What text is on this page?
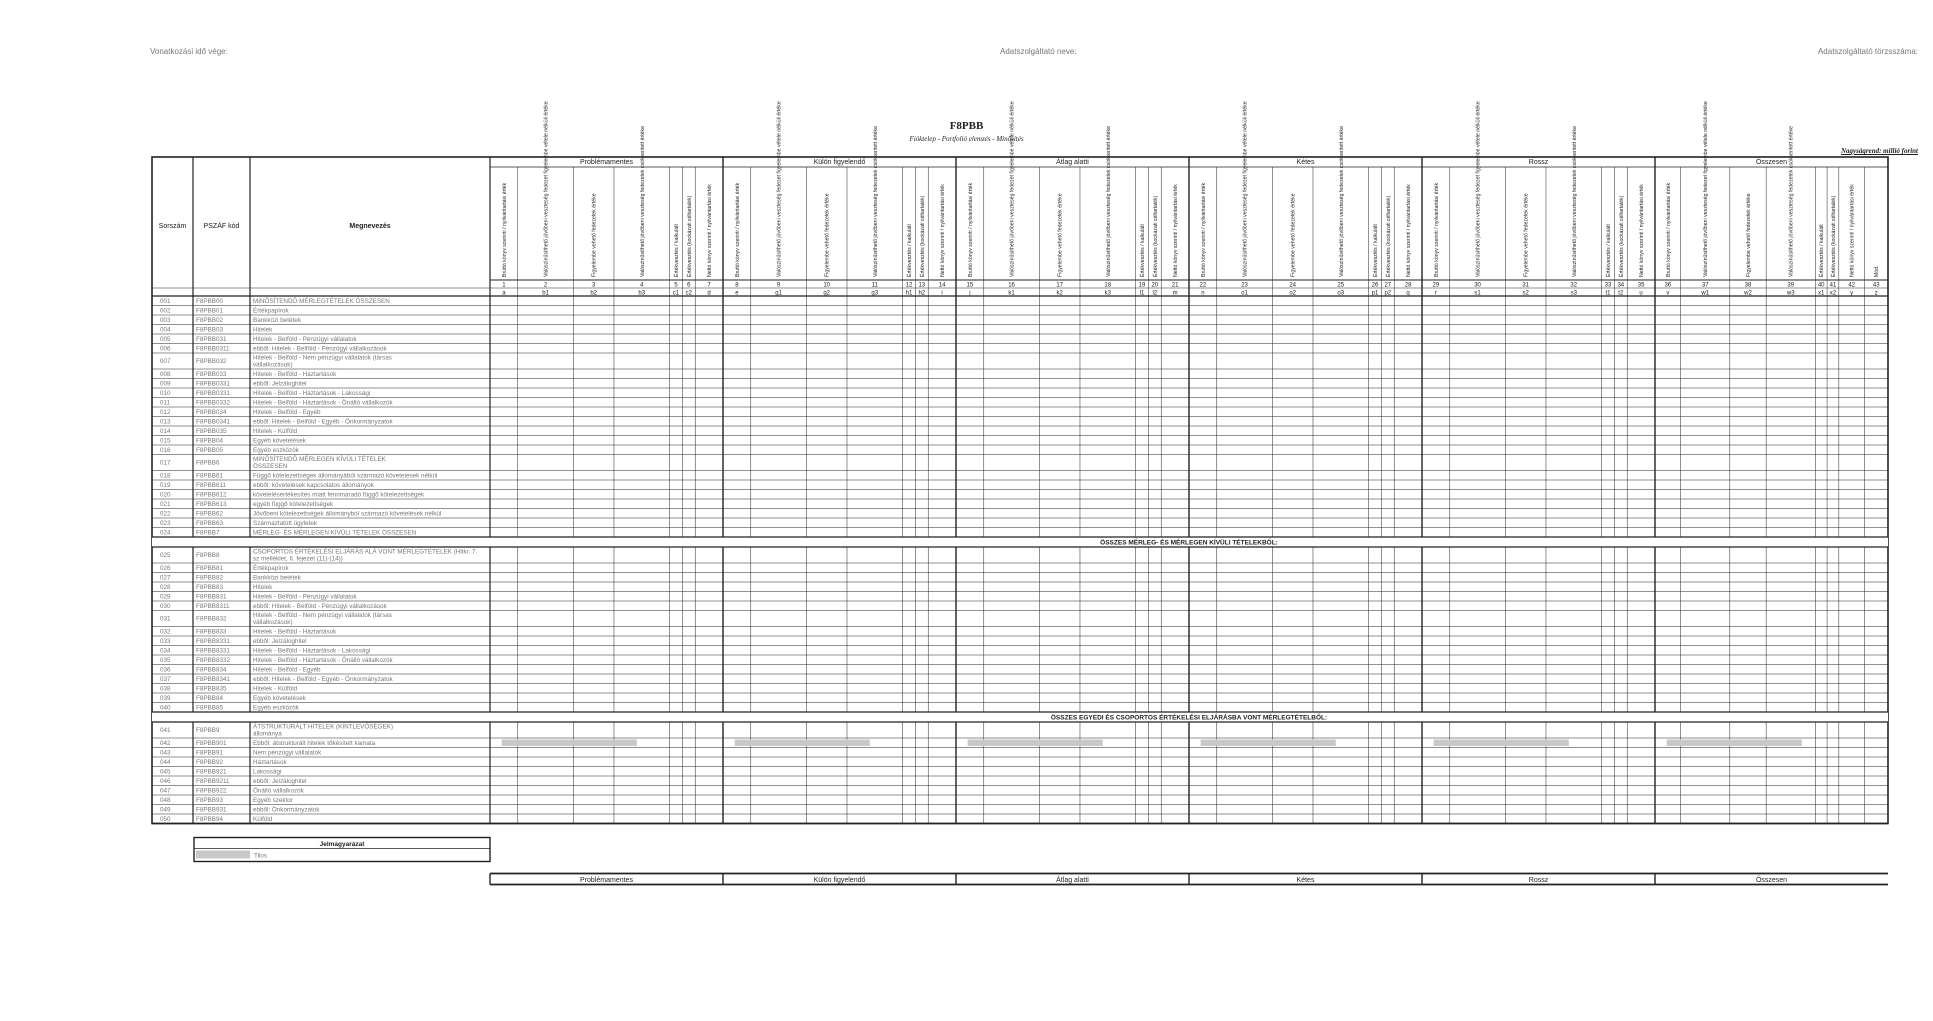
Vonatkozási idő vége:	Adatszolgáltató neve:	Adatszolgáltató törzsszáma:
F8PBB
Fióktelep - Portfolió elemzés - Minősítés
Nagyságrend: millió forint
Sorszám PSZÁF kód	Megnevezés
Problémamentes	Külön figyelendő	Átlag alatti	Kétes	Rossz	Összesen
Bruttó könyv szerinti / nyilvántartási érték
1
a
Valószínűsíthető jövőbeni veszteség fedezet figyelembe vétele nélküli értéke
2
b1
Figyelembe vehető fedezetek értéke
3
b2
Valószínűsíthető jövőbeni veszteség fedezetek csökkentett értéke
4
b3
Értékvesztés / kalkulált
5
c1
Értékvesztés (kockázati céltartalék)
6
c2
Nettó könyv szerinti / nyilvántartási érték
7
d
Bruttó könyv szerinti / nyilvántartási érték
8
e
Valószínűsíthető jövőbeni veszteség fedezet figyelembe vétele nélküli értéke
9
g1
Figyelembe vehető fedezetek értéke
10
g2
Valószínűsíthető jövőbeni veszteség fedezetek csökkentett értéke
11
g3
Értékvesztés / kalkulált
12
h1
Értékvesztés (kockázati céltartalék)
13
h2
Nettó könyv szerinti / nyilvántartási érték
14
i
Bruttó könyv szerinti / nyilvántartási érték
15
j
Valószínűsíthető jövőbeni veszteség fedezet figyelembe vétele nélküli értéke
16
k1
Figyelembe vehető fedezetek értéke
17
k2
Valószínűsíthető jövőbeni veszteség fedezetek csökkentett értéke
18
k3
Értékvesztés / kalkulált
19
l1
Értékvesztés (kockázati céltartalék)
20
l2
Nettó könyv szerinti / nyilvántartási érték
21
m
Bruttó könyv szerinti / nyilvántartási érték
22
n
Valószínűsíthető jövőbeni veszteség fedezet figyelembe vétele nélküli értéke
23
o1
Figyelembe vehető fedezetek értéke
24
o2
Valószínűsíthető jövőbeni veszteség fedezetek csökkentett értéke
25
o3
Értékvesztés / kalkulált
26
p1
Értékvesztés (kockázati céltartalék)
27
p2
Nettó könyv szerinti / nyilvántartási érték
28
q
Bruttó könyv szerinti / nyilvántartási érték
29
r
Valószínűsíthető jövőbeni veszteség fedezet figyelembe vétele nélküli értéke
30
s1
Figyelembe vehető fedezetek értéke
31
s2
Valószínűsíthető jövőbeni veszteség fedezetek csökkentett értéke
32
s3
Értékvesztés / kalkulált
33
t1
Értékvesztés (kockázati céltartalék)
34
t2
Nettó könyv szerinti / nyilvántartási érték
35
u
Bruttó könyv szerinti / nyilvántartási érték
36
v
Valószínűsíthető jövőbeni veszteség fedezet figyelembe vétele nélküli értéke
37
w1
Figyelembe vehető fedezetek értéke
38
w2
Valószínűsíthető jövőbeni veszteség fedezetek csökkentett értéke
39
w3
Értékvesztés / kalkulált
40
x1
Értékvesztés (kockázati céltartalék)
41
x2
Nettó könyv szerinti / nyilvántartási érték
42
y
Mód.
43
z
001	F8PBB00	MINŐSÍTENDŐ MÉRLEGTÉTELEK ÖSSZESEN
002	F8PBB01	Értékpapírok
003	F8PBB02	Bankközi betétek
004	F8PBB03	Hitelek
005	F8PBB031	Hitelek - Belföld - Pénzügyi vállalatok
006	F8PBB0311	ebből: Hitelek - Belföld - Pénzügyi vállalkozások
007	F8PBB032
Hitelek - Belföld - Nem pénzügyi vállalatok (társas
vállalkozások)
008	F8PBB033	Hitelek - Belföld - Háztartások
009	F8PBB0331	ebből: Jelzáloghitel
010	F8PBB0331	Hitelek - Belföld - Háztartások - Lakossági
011	F8PBB0332	Hitelek - Belföld - Háztartások - Önálló vállalkozók
012	F8PBB034	Hitelek - Belföld - Egyéb
013	F8PBB0341	ebből: Hitelek - Belföld - Egyéb - Önkormányzatok
014	F8PBB035	Hitelek - Külföld
015	F8PBB04	Egyéb követelések
016	F8PBB05	Egyéb eszközök
017	F8PBB6
MINŐSÍTENDŐ MÉRLEGEN KÍVÜLI TÉTELEK
ÖSSZESEN
018	F8PBB61	Függő kötelezettségek állományából származó követelések nélkül
019	F8PBB611	ebből: követelések kapcsolatos állományok
020	F8PBB612	követelésértékesítés miatt fennmaradó függő kötelezettségek
021	F8PBB613	egyéb függő kötelezettségek
022	F8PBB62	Jövőbeni kötelezettségek állományból származó követelések nélkül
023	F8PBB63	Származtatott ügyletek
024	F8PBB7	MÉRLEG- ÉS MÉRLEGEN KÍVÜLI TÉTELEK ÖSSZESEN
ÖSSZES MÉRLEG- ÉS MÉRLEGEN KÍVÜLI TÉTELEKBŐL:
025	F8PBB8
CSOPORTOS ÉRTÉKELÉSI ELJÁRÁS ALÁ VONT MÉRLEGTÉTELEK (Hitkr. 7.
sz melléklet, II. fejezet (11)-(14))
026	F8PBB81	Értékpapírok
027	F8PBB82	Bankközi betétek
028	F8PBB83	Hitelek
029	F8PBB831	Hitelek - Belföld - Pénzügyi vállalatok
030	F8PBB8311	ebből: Hitelek - Belföld - Pénzügyi vállalkozások
031	F8PBB832
Hitelek - Belföld - Nem pénzügyi vállalatok (társas
vállalkozások)
032	F8PBB833	Hitelek - Belföld - Háztartások
033	F8PBB8331	ebből: Jelzáloghitel
034	F8PBB8331	Hitelek - Belföld - Háztartások - Lakossági
035	F8PBB8332	Hitelek - Belföld - Háztartások - Önálló vállalkozók
036	F8PBB834	Hitelek - Belföld - Egyéb
037	F8PBB8341	ebből: Hitelek - Belföld - Egyéb - Önkormányzatok
038	F8PBB835	Hitelek - Külföld
039	F8PBB84	Egyéb követelések
040	F8PBB85	Egyéb eszközök
ÖSSZES EGYEDI ÉS CSOPORTOS ÉRTÉKELÉSI ELJÁRÁSBA VONT MÉRLEGTÉTELBŐL:
041	F8PBB9
ÁTSTRUKTURÁLT HITELEK (KINTLEVŐSÉGEK)
állománya
042	F8PBB901	Ebből: átstrukturált hitelek tőkésített kamata
043	F8PBB91	Nem pénzügyi vállalatok
044	F8PBB92	Háztartások
045	F8PBB921	Lakossági
046	F8PBB9211	ebből: Jelzáloghitel
047	F8PBB922	Önálló vállalkozók
048	F8PBB93	Egyéb szektor
049	F8PBB931	ebből: Önkormányzatok
050	F8PBB94	Külföld
Jelmagyarázat
Tilos
Problémamentes	Külön figyelendő	Átlag alatti	Kétes	Rossz	Összesen
